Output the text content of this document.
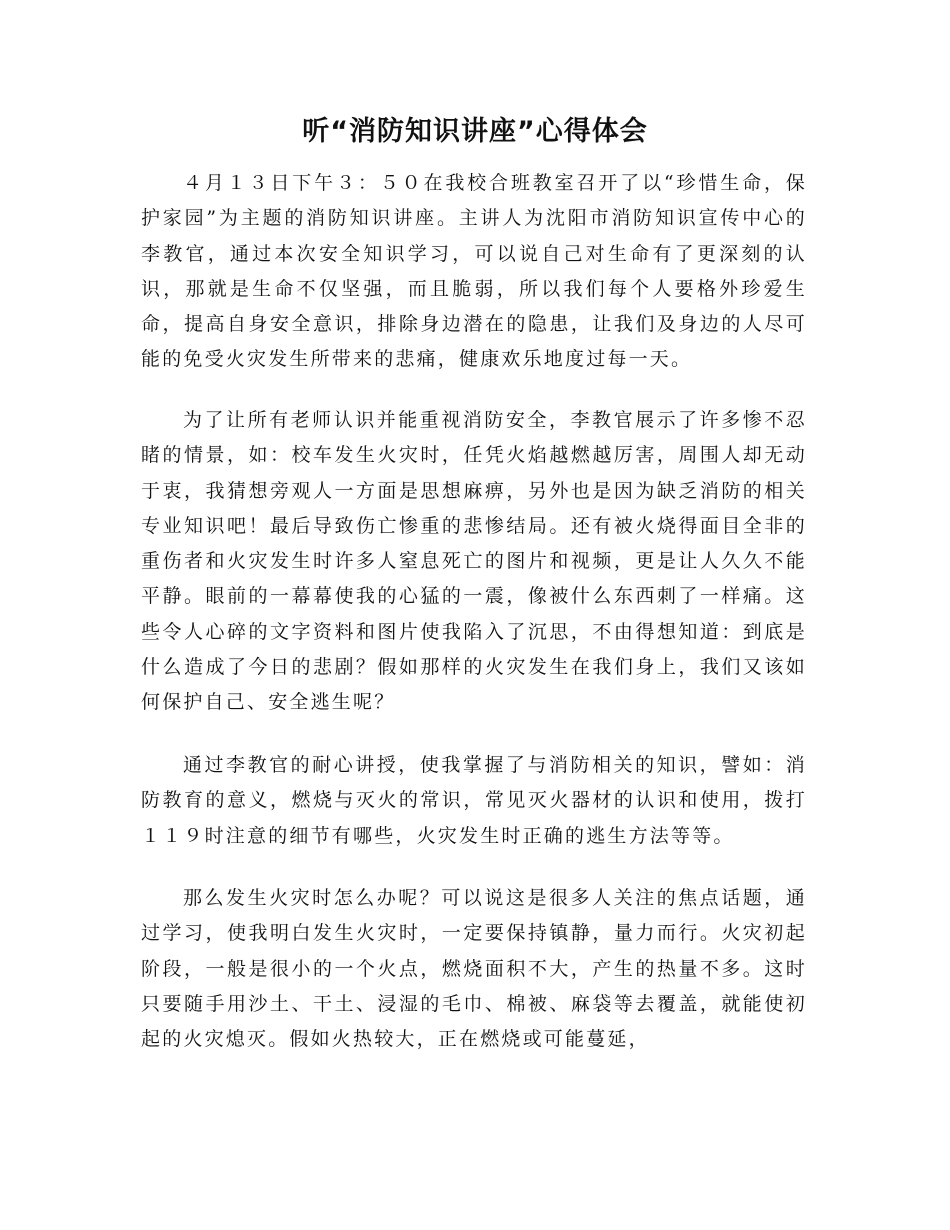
听“消防知识讲座”心得体会

４月１３日下午３：５０在我校合班教室召开了以“珍惜生命，保护家园”为主题的消防知识讲座。主讲人为沈阳市消防知识宣传中心的李教官，通过本次安全知识学习，可以说自己对生命有了更深刻的认识，那就是生命不仅坚强，而且脆弱，所以我们每个人要格外珍爱生命，提高自身安全意识，排除身边潜在的隐患，让我们及身边的人尽可能的免受火灾发生所带来的悲痛，健康欢乐地度过每一天。

为了让所有老师认识并能重视消防安全，李教官展示了许多惨不忍睹的情景，如：校车发生火灾时，任凭火焰越燃越厉害，周围人却无动于衷，我猜想旁观人一方面是思想麻痹，另外也是因为缺乏消防的相关专业知识吧！最后导致伤亡惨重的悲惨结局。还有被火烧得面目全非的重伤者和火灾发生时许多人窒息死亡的图片和视频，更是让人久久不能平静。眼前的一幕幕使我的心猛的一震，像被什么东西刺了一样痛。这些令人心碎的文字资料和图片使我陷入了沉思，不由得想知道：到底是什么造成了今日的悲剧？假如那样的火灾发生在我们身上，我们又该如何保护自己、安全逃生呢？

通过李教官的耐心讲授，使我掌握了与消防相关的知识，譬如：消防教育的意义，燃烧与灭火的常识，常见灭火器材的认识和使用，拨打１１９时注意的细节有哪些，火灾发生时正确的逃生方法等等。

那么发生火灾时怎么办呢？可以说这是很多人关注的焦点话题，通过学习，使我明白发生火灾时，一定要保持镇静，量力而行。火灾初起阶段，一般是很小的一个火点，燃烧面积不大，产生的热量不多。这时只要随手用沙土、干土、浸湿的毛巾、棉被、麻袋等去覆盖，就能使初起的火灾熄灭。假如火热较大，正在燃烧或可能蔓延，
